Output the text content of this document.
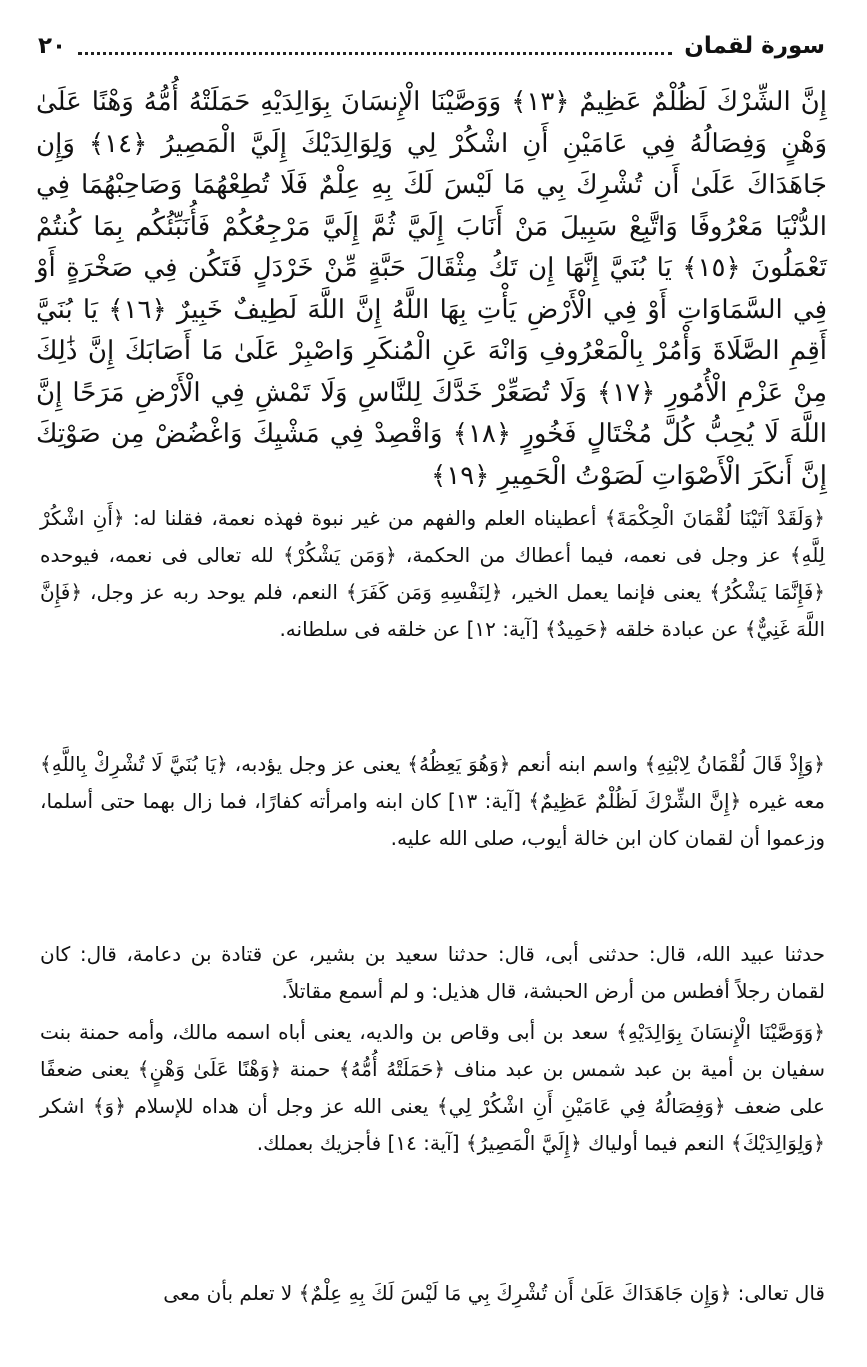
سورة لقمان
٢٠
إِنَّ الشِّرْكَ لَظُلْمٌ عَظِيمٌ ﴿١٣﴾ وَوَصَّيْنَا الْإِنسَانَ بِوَالِدَيْهِ حَمَلَتْهُ أُمُّهُ وَهْنًا عَلَىٰ وَهْنٍ وَفِصَالُهُ فِي عَامَيْنِ أَنِ اشْكُرْ لِي وَلِوَالِدَيْكَ إِلَيَّ الْمَصِيرُ ﴿١٤﴾ وَإِن جَاهَدَاكَ عَلَىٰ أَن تُشْرِكَ بِي مَا لَيْسَ لَكَ بِهِ عِلْمٌ فَلَا تُطِعْهُمَا وَصَاحِبْهُمَا فِي الدُّنْيَا مَعْرُوفًا وَاتَّبِعْ سَبِيلَ مَنْ أَنَابَ إِلَيَّ ثُمَّ إِلَيَّ مَرْجِعُكُمْ فَأُنَبِّئُكُم بِمَا كُنتُمْ تَعْمَلُونَ ﴿١٥﴾ يَا بُنَيَّ إِنَّهَا إِن تَكُ مِثْقَالَ حَبَّةٍ مِّنْ خَرْدَلٍ فَتَكُن فِي صَخْرَةٍ أَوْ فِي السَّمَاوَاتِ أَوْ فِي الْأَرْضِ يَأْتِ بِهَا اللَّهُ إِنَّ اللَّهَ لَطِيفٌ خَبِيرٌ ﴿١٦﴾ يَا بُنَيَّ أَقِمِ الصَّلَاةَ وَأْمُرْ بِالْمَعْرُوفِ وَانْهَ عَنِ الْمُنكَرِ وَاصْبِرْ عَلَىٰ مَا أَصَابَكَ إِنَّ ذَٰلِكَ مِنْ عَزْمِ الْأُمُورِ ﴿١٧﴾ وَلَا تُصَعِّرْ خَدَّكَ لِلنَّاسِ وَلَا تَمْشِ فِي الْأَرْضِ مَرَحًا إِنَّ اللَّهَ لَا يُحِبُّ كُلَّ مُخْتَالٍ فَخُورٍ ﴿١٨﴾ وَاقْصِدْ فِي مَشْيِكَ وَاغْضُضْ مِن صَوْتِكَ إِنَّ أَنكَرَ الْأَصْوَاتِ لَصَوْتُ الْحَمِيرِ ﴿١٩﴾
﴿وَلَقَدْ آتَيْنَا لُقْمَانَ الْحِكْمَةَ﴾ أعطيناه العلم والفهم من غير نبوة فهذه نعمة، فقلنا له: ﴿أَنِ اشْكُرْ لِلَّهِ﴾ عز وجل فى نعمه، فيما أعطاك من الحكمة، ﴿وَمَن يَشْكُرْ﴾ لله تعالى فى نعمه، فيوحده ﴿فَإِنَّمَا يَشْكُرُ﴾ يعنى فإنما يعمل الخير، ﴿لِنَفْسِهِ وَمَن كَفَرَ﴾ النعم، فلم يوحد ربه عز وجل، ﴿فَإِنَّ اللَّهَ غَنِيٌّ﴾ عن عبادة خلقه ﴿حَمِيدٌ﴾ [آية: ١٢] عن خلقه فى سلطانه.
﴿وَإِذْ قَالَ لُقْمَانُ لِابْنِهِ﴾ واسم ابنه أنعم ﴿وَهُوَ يَعِظُهُ﴾ يعنى عز وجل يؤدبه، ﴿يَا بُنَيَّ لَا تُشْرِكْ بِاللَّهِ﴾ معه غيره ﴿إِنَّ الشِّرْكَ لَظُلْمٌ عَظِيمٌ﴾ [آية: ١٣] كان ابنه وامرأته كفارًا، فما زال بهما حتى أسلما، وزعموا أن لقمان كان ابن خالة أيوب، صلى الله عليه.
حدثنا عبيد الله، قال: حدثنى أبى، قال: حدثنا سعيد بن بشير، عن قتادة بن دعامة، قال: كان لقمان رجلاً أفطس من أرض الحبشة، قال هذيل: و لم أسمع مقاتلاً.
﴿وَوَصَّيْنَا الْإِنسَانَ بِوَالِدَيْهِ﴾ سعد بن أبى وقاص بن والديه، يعنى أباه اسمه مالك، وأمه حمنة بنت سفيان بن أمية بن عبد شمس بن عبد مناف ﴿حَمَلَتْهُ أُمُّهُ﴾ حمنة ﴿وَهْنًا عَلَىٰ وَهْنٍ﴾ يعنى ضعفًا على ضعف ﴿وَفِصَالُهُ فِي عَامَيْنِ أَنِ اشْكُرْ لِي﴾ يعنى الله عز وجل أن هداه للإسلام ﴿وَ﴾ اشكر ﴿وَلِوَالِدَيْكَ﴾ النعم فيما أولياك ﴿إِلَيَّ الْمَصِيرُ﴾ [آية: ١٤] فأجزيك بعملك.
قال تعالى: ﴿وَإِن جَاهَدَاكَ عَلَىٰ أَن تُشْرِكَ بِي مَا لَيْسَ لَكَ بِهِ عِلْمٌ﴾ لا تعلم بأن معى
